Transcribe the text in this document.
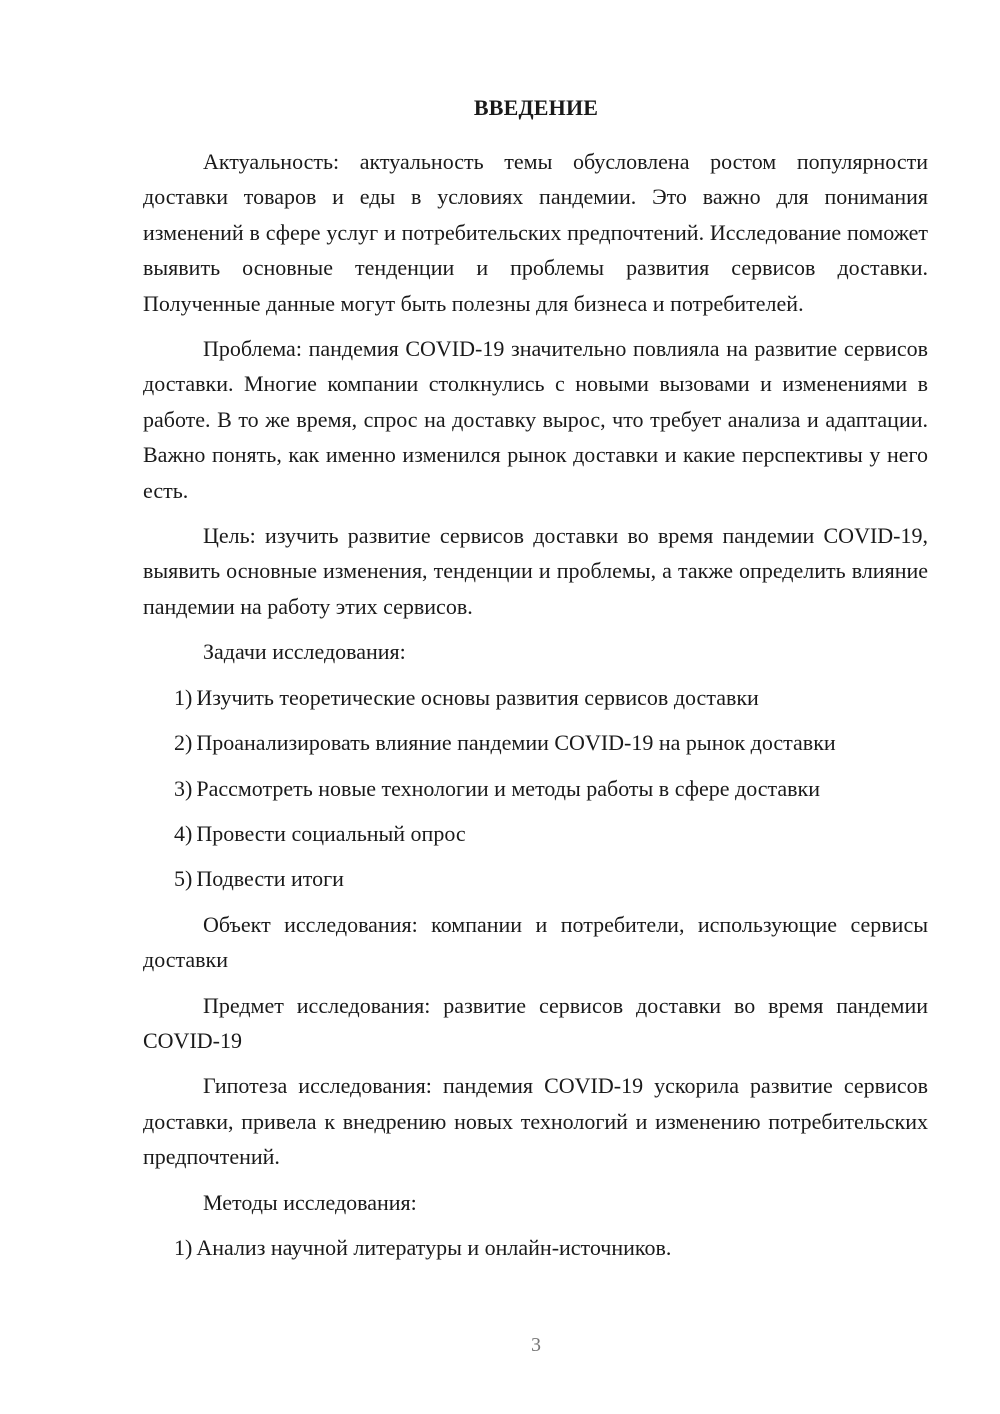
ВВЕДЕНИЕ

Актуальность: актуальность темы обусловлена ростом популярности доставки товаров и еды в условиях пандемии. Это важно для понимания изменений в сфере услуг и потребительских предпочтений. Исследование поможет выявить основные тенденции и проблемы развития сервисов доставки. Полученные данные могут быть полезны для бизнеса и потребителей.

Проблема: пандемия COVID-19 значительно повлияла на развитие сервисов доставки. Многие компании столкнулись с новыми вызовами и изменениями в работе. В то же время, спрос на доставку вырос, что требует анализа и адаптации. Важно понять, как именно изменился рынок доставки и какие перспективы у него есть.

Цель: изучить развитие сервисов доставки во время пандемии COVID-19, выявить основные изменения, тенденции и проблемы, а также определить влияние пандемии на работу этих сервисов.

Задачи исследования:

1) Изучить теоретические основы развития сервисов доставки
2) Проанализировать влияние пандемии COVID-19 на рынок доставки
3) Рассмотреть новые технологии и методы работы в сфере доставки
4) Провести социальный опрос
5) Подвести итоги

Объект исследования: компании и потребители, использующие сервисы доставки

Предмет исследования: развитие сервисов доставки во время пандемии COVID-19

Гипотеза исследования: пандемия COVID-19 ускорила развитие сервисов доставки, привела к внедрению новых технологий и изменению потребительских предпочтений.

Методы исследования:

1) Анализ научной литературы и онлайн-источников.
3
